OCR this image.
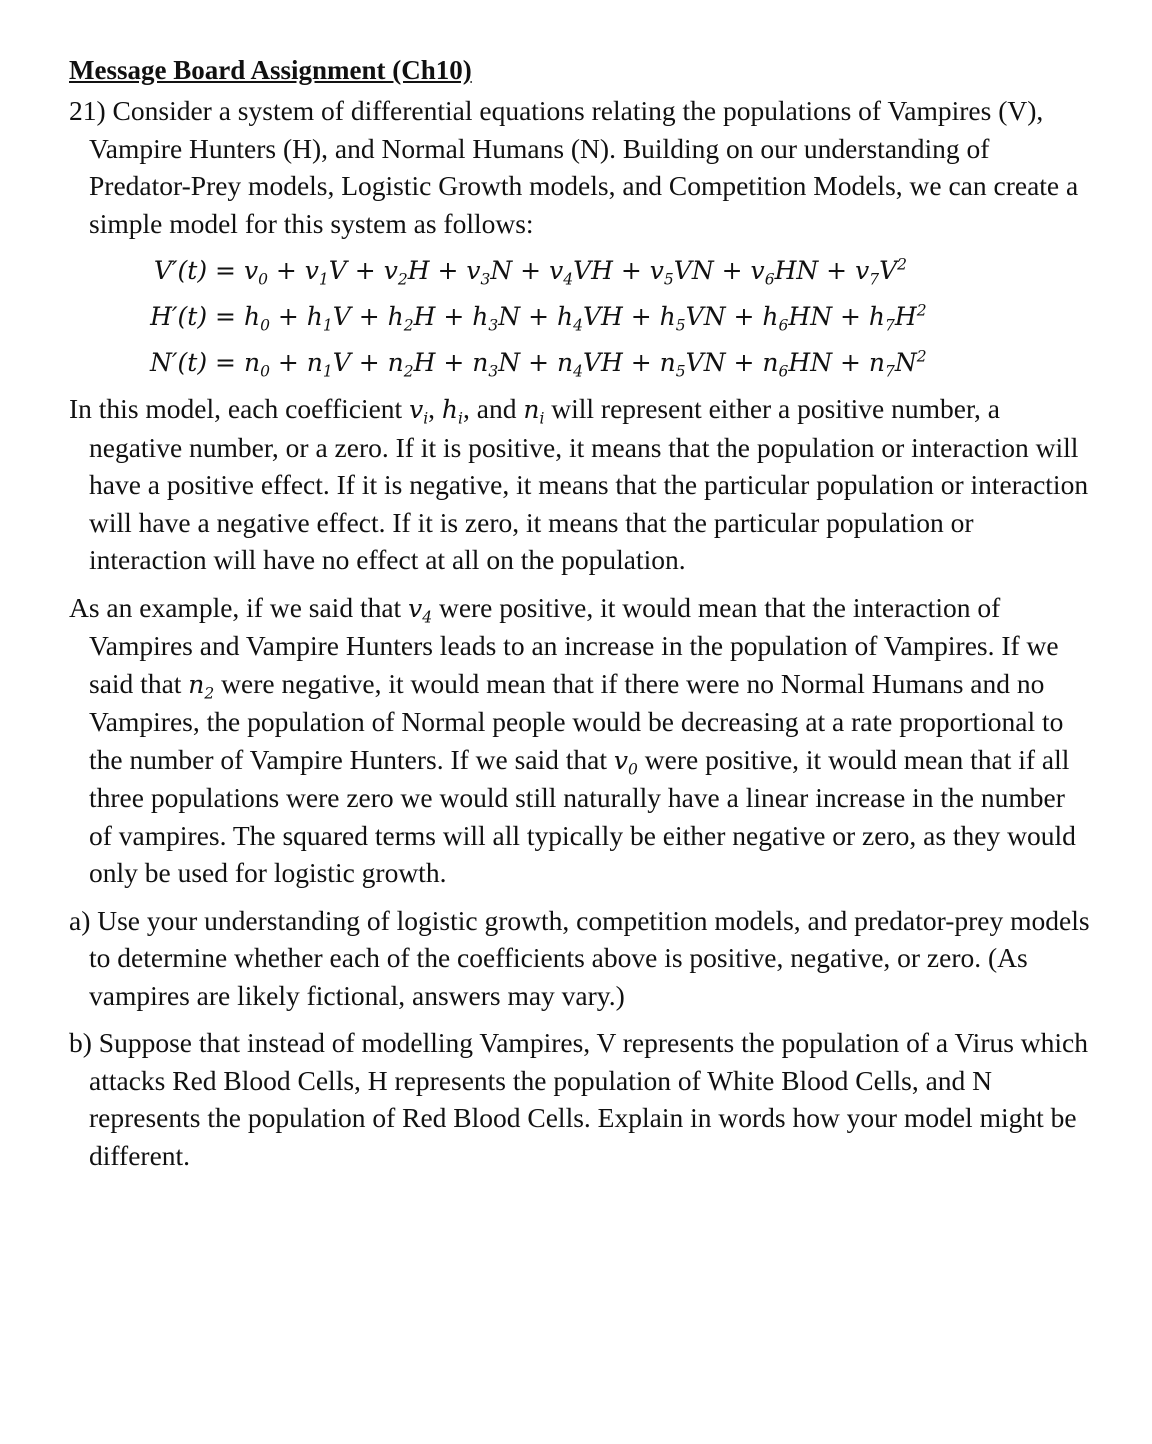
Message Board Assignment (Ch10)

21) Consider a system of differential equations relating the populations of Vampires (V), Vampire Hunters (H), and Normal Humans (N). Building on our understanding of Predator-Prey models, Logistic Growth models, and Competition Models, we can create a simple model for this system as follows:

$V'(t) = v_0 + v_1V + v_2H + v_3N + v_4VH + v_5VN + v_6HN + v_7V^2$
$H'(t) = h_0 + h_1V + h_2H + h_3N + h_4VH + h_5VN + h_6HN + h_7H^2$
$N'(t) = n_0 + n_1V + n_2H + n_3N + n_4VH + n_5VN + n_6HN + n_7N^2$

In this model, each coefficient $v_i$, $h_i$, and $n_i$ will represent either a positive number, a negative number, or a zero. If it is positive, it means that the population or interaction will have a positive effect. If it is negative, it means that the particular population or interaction will have a negative effect. If it is zero, it means that the particular population or interaction will have no effect at all on the population.

As an example, if we said that $v_4$ were positive, it would mean that the interaction of Vampires and Vampire Hunters leads to an increase in the population of Vampires. If we said that $n_2$ were negative, it would mean that if there were no Normal Humans and no Vampires, the population of Normal people would be decreasing at a rate proportional to the number of Vampire Hunters. If we said that $v_0$ were positive, it would mean that if all three populations were zero we would still naturally have a linear increase in the number of vampires. The squared terms will all typically be either negative or zero, as they would only be used for logistic growth.

a) Use your understanding of logistic growth, competition models, and predator-prey models to determine whether each of the coefficients above is positive, negative, or zero. (As vampires are likely fictional, answers may vary.)

b) Suppose that instead of modelling Vampires, V represents the population of a Virus which attacks Red Blood Cells, H represents the population of White Blood Cells, and N represents the population of Red Blood Cells. Explain in words how your model might be different.
